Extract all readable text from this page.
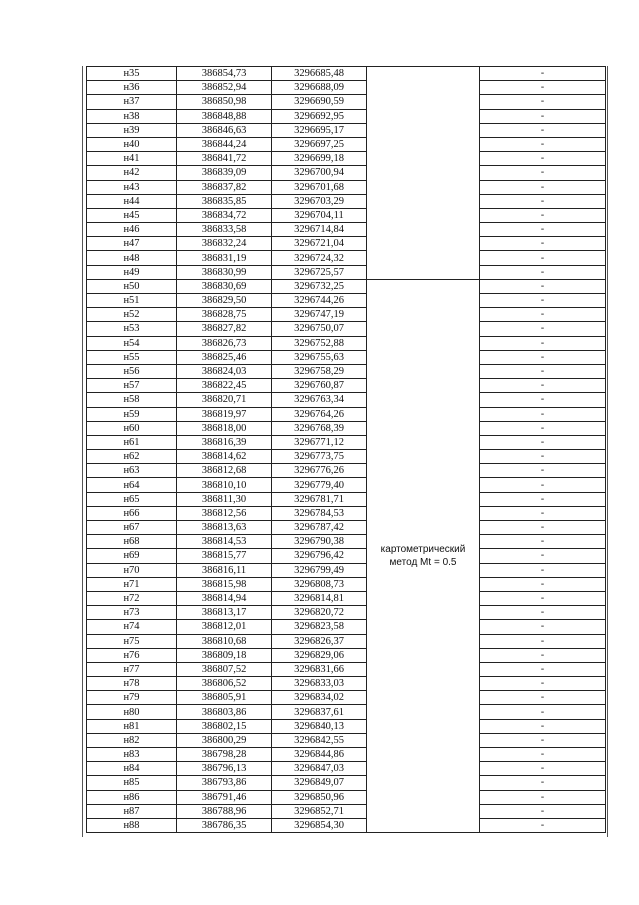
н35	386854,73	3296685,48		-
н36	386852,94	3296688,09		-
н37	386850,98	3296690,59		-
н38	386848,88	3296692,95		-
н39	386846,63	3296695,17		-
н40	386844,24	3296697,25		-
н41	386841,72	3296699,18		-
н42	386839,09	3296700,94		-
н43	386837,82	3296701,68		-
н44	386835,85	3296703,29		-
н45	386834,72	3296704,11		-
н46	386833,58	3296714,84		-
н47	386832,24	3296721,04		-
н48	386831,19	3296724,32		-
н49	386830,99	3296725,57		-
н50	386830,69	3296732,25	картометрический метод Mt = 0.5	-
н51	386829,50	3296744,26		-
н52	386828,75	3296747,19		-
н53	386827,82	3296750,07		-
н54	386826,73	3296752,88		-
н55	386825,46	3296755,63		-
н56	386824,03	3296758,29		-
н57	386822,45	3296760,87		-
н58	386820,71	3296763,34		-
н59	386819,97	3296764,26		-
н60	386818,00	3296768,39		-
н61	386816,39	3296771,12		-
н62	386814,62	3296773,75		-
н63	386812,68	3296776,26		-
н64	386810,10	3296779,40		-
н65	386811,30	3296781,71		-
н66	386812,56	3296784,53		-
н67	386813,63	3296787,42		-
н68	386814,53	3296790,38		-
н69	386815,77	3296796,42		-
н70	386816,11	3296799,49		-
н71	386815,98	3296808,73		-
н72	386814,94	3296814,81		-
н73	386813,17	3296820,72		-
н74	386812,01	3296823,58		-
н75	386810,68	3296826,37		-
н76	386809,18	3296829,06		-
н77	386807,52	3296831,66		-
н78	386806,52	3296833,03		-
н79	386805,91	3296834,02		-
н80	386803,86	3296837,61		-
н81	386802,15	3296840,13		-
н82	386800,29	3296842,55		-
н83	386798,28	3296844,86		-
н84	386796,13	3296847,03		-
н85	386793,86	3296849,07		-
н86	386791,46	3296850,96		-
н87	386788,96	3296852,71		-
н88	386786,35	3296854,30		-
